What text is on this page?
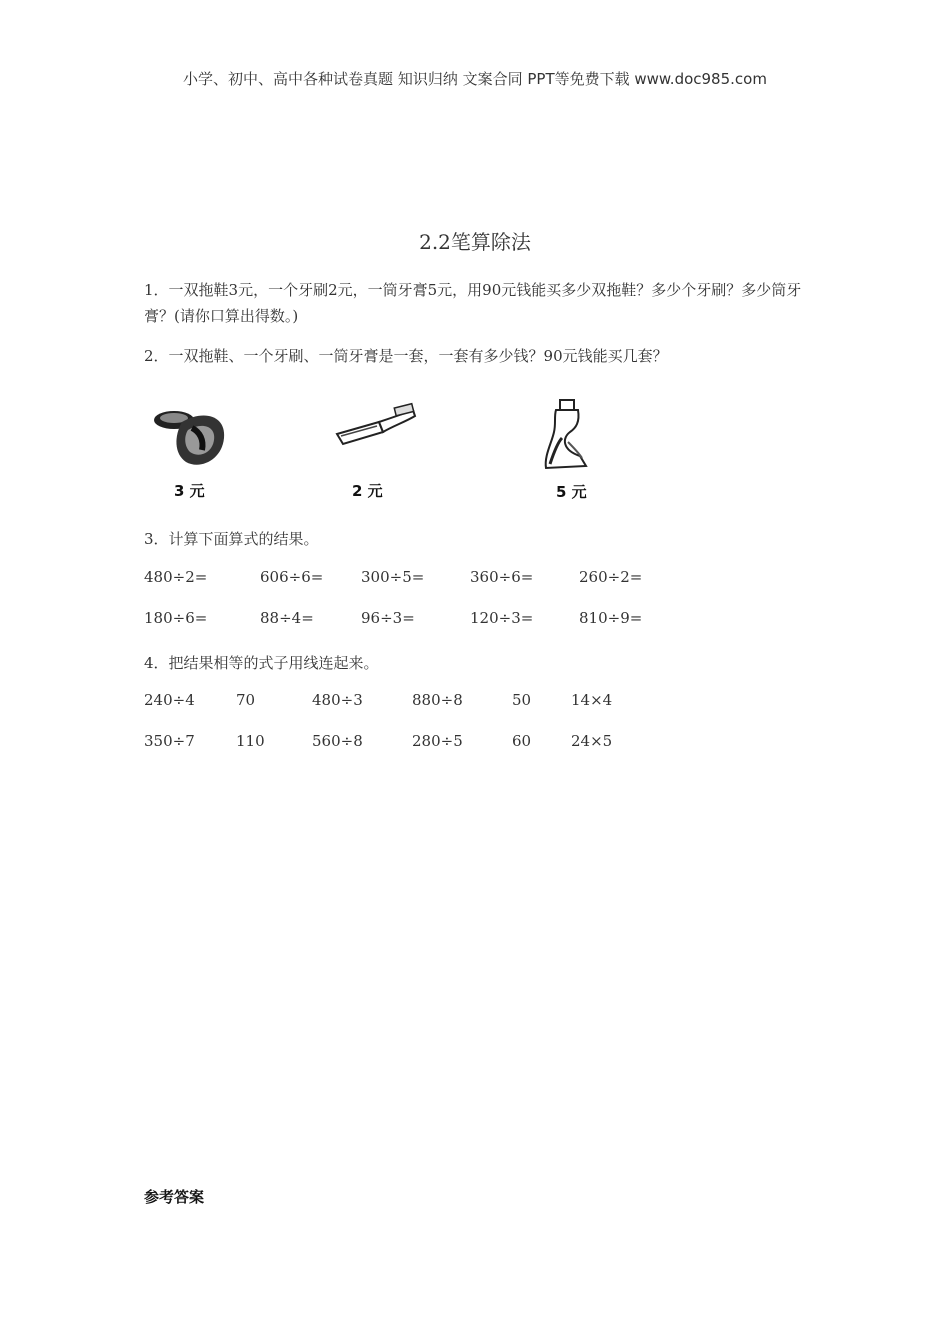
小学、初中、高中各种试卷真题 知识归纳 文案合同 PPT等免费下载 www.doc985.com
2.2笔算除法
1．一双拖鞋3元，一个牙刷2元，一筒牙膏5元，用90元钱能买多少双拖鞋？多少个牙刷？多少筒牙膏？(请你口算出得数。)
2．一双拖鞋、一个牙刷、一筒牙膏是一套，一套有多少钱？90元钱能买几套？
3 元	2 元	5 元
3．计算下面算式的结果。
480÷2=	606÷6=	300÷5=	360÷6=	260÷2=
180÷6=	88÷4=	96÷3=	120÷3=	810÷9=
4．把结果相等的式子用线连起来。
240÷4	70	480÷3	880÷8	50	14×4
350÷7	110	560÷8	280÷5	60	24×5
参考答案
